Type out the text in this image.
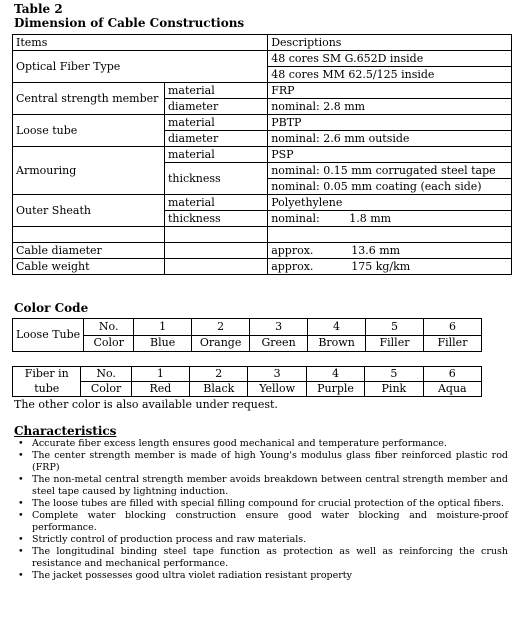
Table 2
Dimension of Cable Constructions
Items		Descriptions
Optical Fiber Type		48 cores SM G.652D inside
		48 cores MM 62.5/125 inside
Central strength member	material	FRP
	diameter	nominal: 2.8 mm
Loose tube	material	PBTP
	diameter	nominal: 2.6 mm outside
Armouring	material	PSP
	thickness	nominal: 0.15 mm corrugated steel tape
		nominal: 0.05 mm coating (each side)
Outer Sheath	material	Polyethylene
	thickness	nominal: 1.8 mm

Cable diameter		approx. 13.6 mm
Cable weight		approx. 175 kg/km
Color Code
Loose Tube	No.	1	2	3	4	5	6
	Color	Blue	Orange	Green	Brown	Filler	Filler
Fiber in	No.	1	2	3	4	5	6
tube	Color	Red	Black	Yellow	Purple	Pink	Aqua
The other color is also available under request.
Characteristics
• Accurate fiber excess length ensures good mechanical and temperature performance.
• The center strength member is made of high Young's modulus glass fiber reinforced plastic rod (FRP)
• The non-metal central strength member avoids breakdown between central strength member and steel tape caused by lightning induction.
• The loose tubes are filled with special filling compound for crucial protection of the optical fibers.
• Complete water blocking construction ensure good water blocking and moisture-proof performance.
• Strictly control of production process and raw materials.
• The longitudinal binding steel tape function as protection as well as reinforcing the crush resistance and mechanical performance.
• The jacket possesses good ultra violet radiation resistant property
